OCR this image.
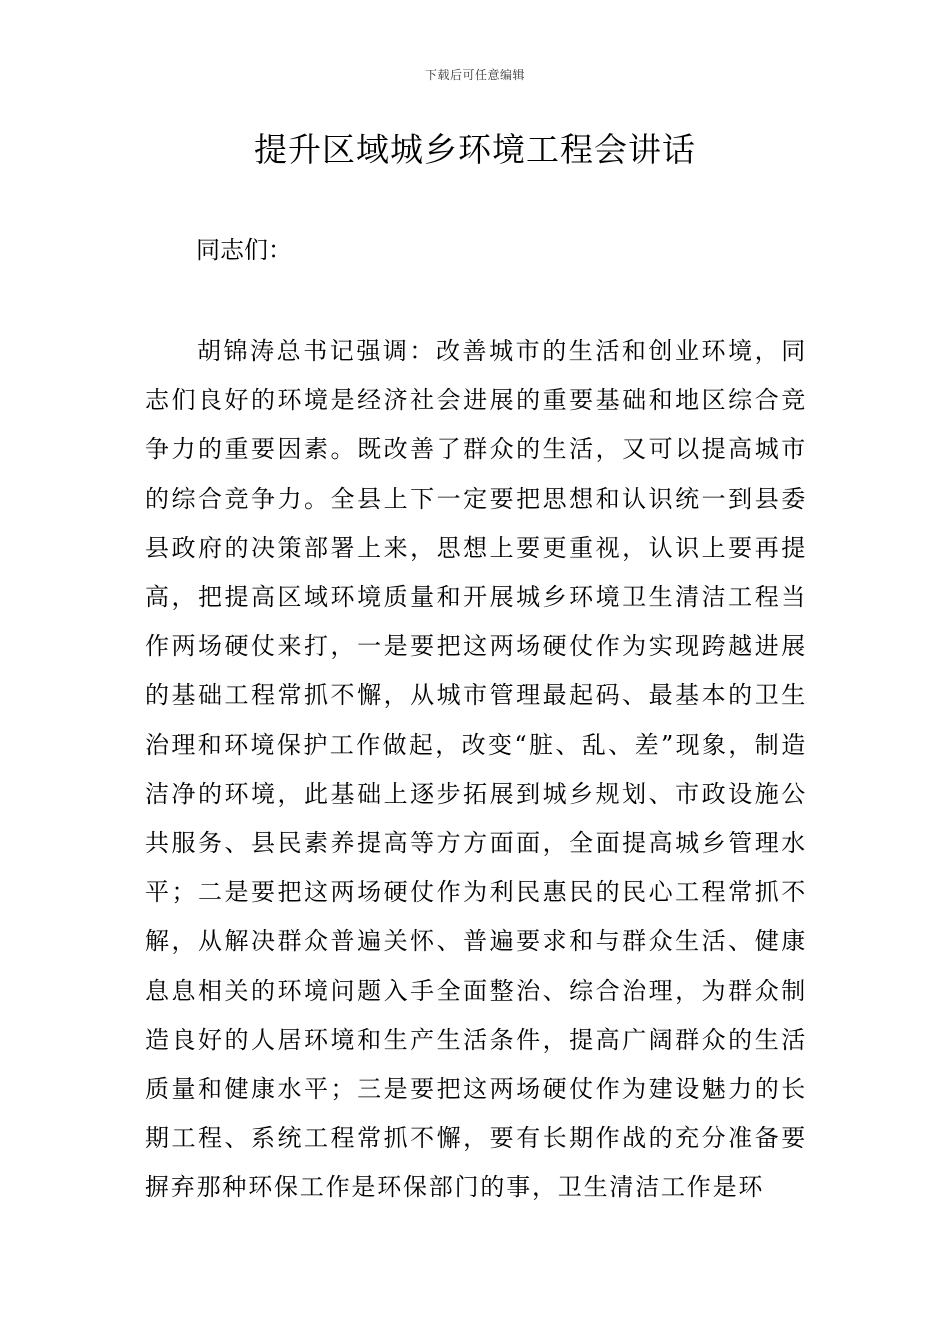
下载后可任意编辑
提升区域城乡环境工程会讲话
同志们：
胡锦涛总书记强调：改善城市的生活和创业环境，同志们良好的环境是经济社会进展的重要基础和地区综合竞争力的重要因素。既改善了群众的生活，又可以提高城市的综合竞争力。全县上下一定要把思想和认识统一到县委县政府的决策部署上来，思想上要更重视，认识上要再提高，把提高区域环境质量和开展城乡环境卫生清洁工程当作两场硬仗来打，一是要把这两场硬仗作为实现跨越进展的基础工程常抓不懈，从城市管理最起码、最基本的卫生治理和环境保护工作做起，改变“脏、乱、差”现象，制造洁净的环境，此基础上逐步拓展到城乡规划、市政设施公共服务、县民素养提高等方方面面，全面提高城乡管理水平；二是要把这两场硬仗作为利民惠民的民心工程常抓不解，从解决群众普遍关怀、普遍要求和与群众生活、健康息息相关的环境问题入手全面整治、综合治理，为群众制造良好的人居环境和生产生活条件，提高广阔群众的生活质量和健康水平；三是要把这两场硬仗作为建设魅力的长期工程、系统工程常抓不懈，要有长期作战的充分准备要摒弃那种环保工作是环保部门的事，卫生清洁工作是环
